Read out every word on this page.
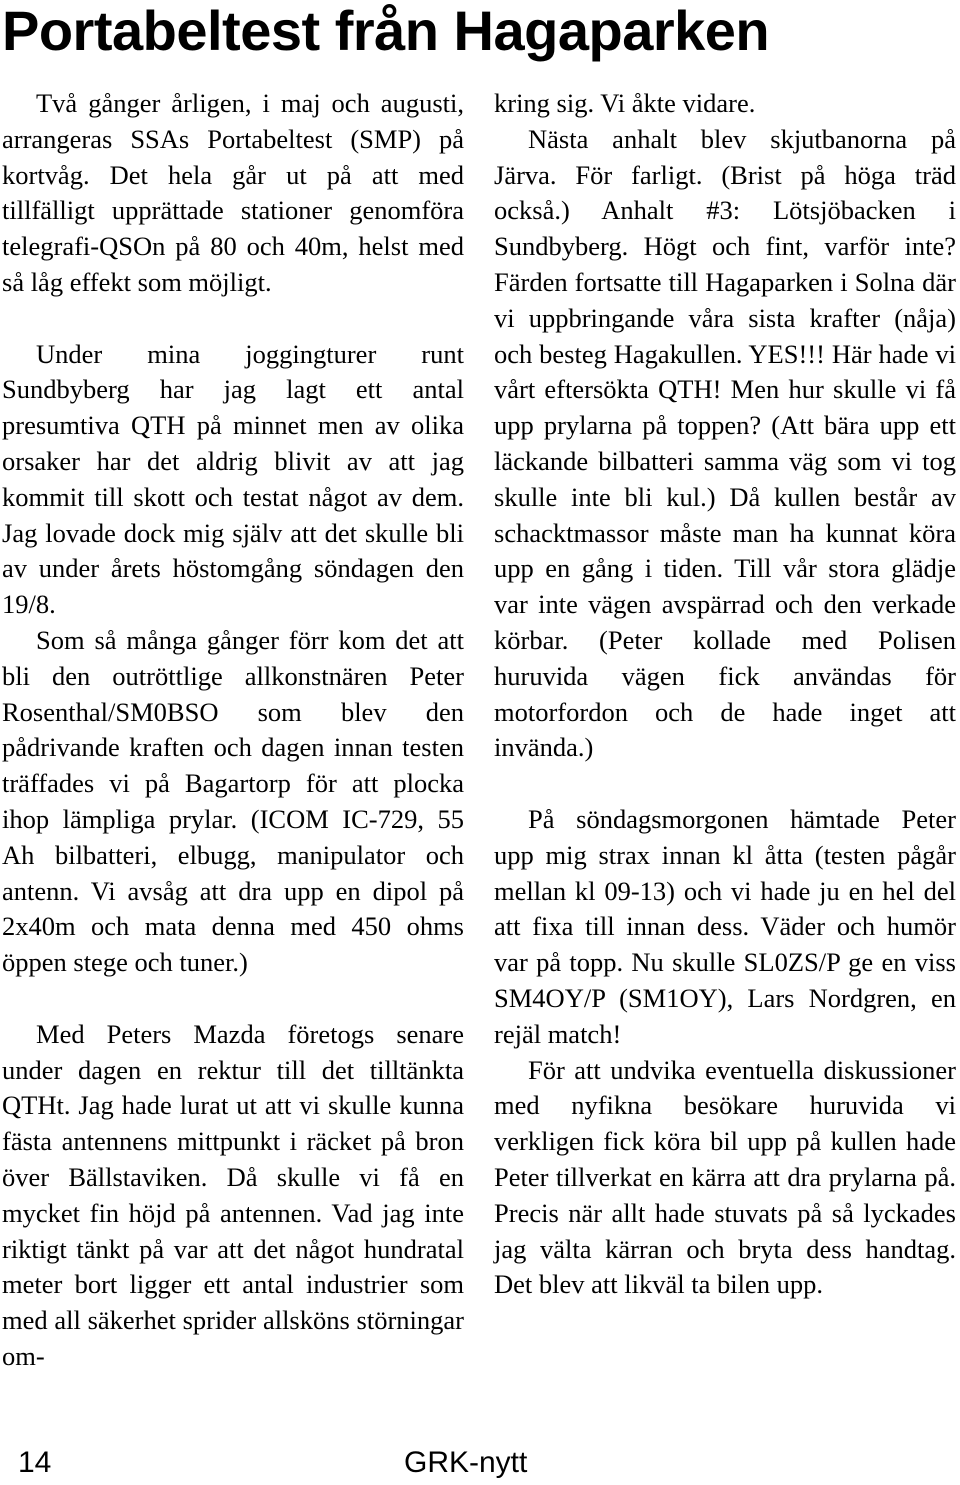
Portabeltest från Hagaparken

Två gånger årligen, i maj och augusti, arrangeras SSAs Portabeltest (SMP) på kortvåg. Det hela går ut på att med tillfälligt upprättade stationer genomföra telegrafi-QSOn på 80 och 40m, helst med så låg effekt som möjligt.

Under mina joggingturer runt Sundbyberg har jag lagt ett antal presumtiva QTH på minnet men av olika orsaker har det aldrig blivit av att jag kommit till skott och testat något av dem. Jag lovade dock mig själv att det skulle bli av under årets höstomgång söndagen den 19/8.

Som så många gånger förr kom det att bli den outröttlige allkonstnären Peter Rosenthal/SM0BSO som blev den pådrivande kraften och dagen innan testen träffades vi på Bagartorp för att plocka ihop lämpliga prylar. (ICOM IC-729, 55 Ah bilbatteri, elbugg, manipulator och antenn. Vi avsåg att dra upp en dipol på 2x40m och mata denna med 450 ohms öppen stege och tuner.)

Med Peters Mazda företogs senare under dagen en rektur till det tilltänkta QTHt. Jag hade lurat ut att vi skulle kunna fästa antennens mittpunkt i räcket på bron över Bällstaviken. Då skulle vi få en mycket fin höjd på antennen. Vad jag inte riktigt tänkt på var att det något hundratal meter bort ligger ett antal industrier som med all säkerhet sprider allsköns störningar om-

kring sig. Vi åkte vidare.

Nästa anhalt blev skjutbanorna på Järva. För farligt. (Brist på höga träd också.) Anhalt #3: Lötsjöbacken i Sundbyberg. Högt och fint, varför inte? Färden fortsatte till Hagaparken i Solna där vi uppbringande våra sista krafter (nåja) och besteg Hagakullen. YES!!! Här hade vi vårt eftersökta QTH! Men hur skulle vi få upp prylarna på toppen? (Att bära upp ett läckande bilbatteri samma väg som vi tog skulle inte bli kul.) Då kullen består av schacktmassor måste man ha kunnat köra upp en gång i tiden. Till vår stora glädje var inte vägen avspärrad och den verkade körbar. (Peter kollade med Polisen huruvida vägen fick användas för motorfordon och de hade inget att invända.)

På söndagsmorgonen hämtade Peter upp mig strax innan kl åtta (testen pågår mellan kl 09-13) och vi hade ju en hel del att fixa till innan dess. Väder och humör var på topp. Nu skulle SL0ZS/P ge en viss SM4OY/P (SM1OY), Lars Nordgren, en rejäl match!

För att undvika eventuella diskussioner med nyfikna besökare huruvida vi verkligen fick köra bil upp på kullen hade Peter tillverkat en kärra att dra prylarna på. Precis när allt hade stuvats på så lyckades jag välta kärran och bryta dess handtag. Det blev att likväl ta bilen upp.

14	GRK-nytt
